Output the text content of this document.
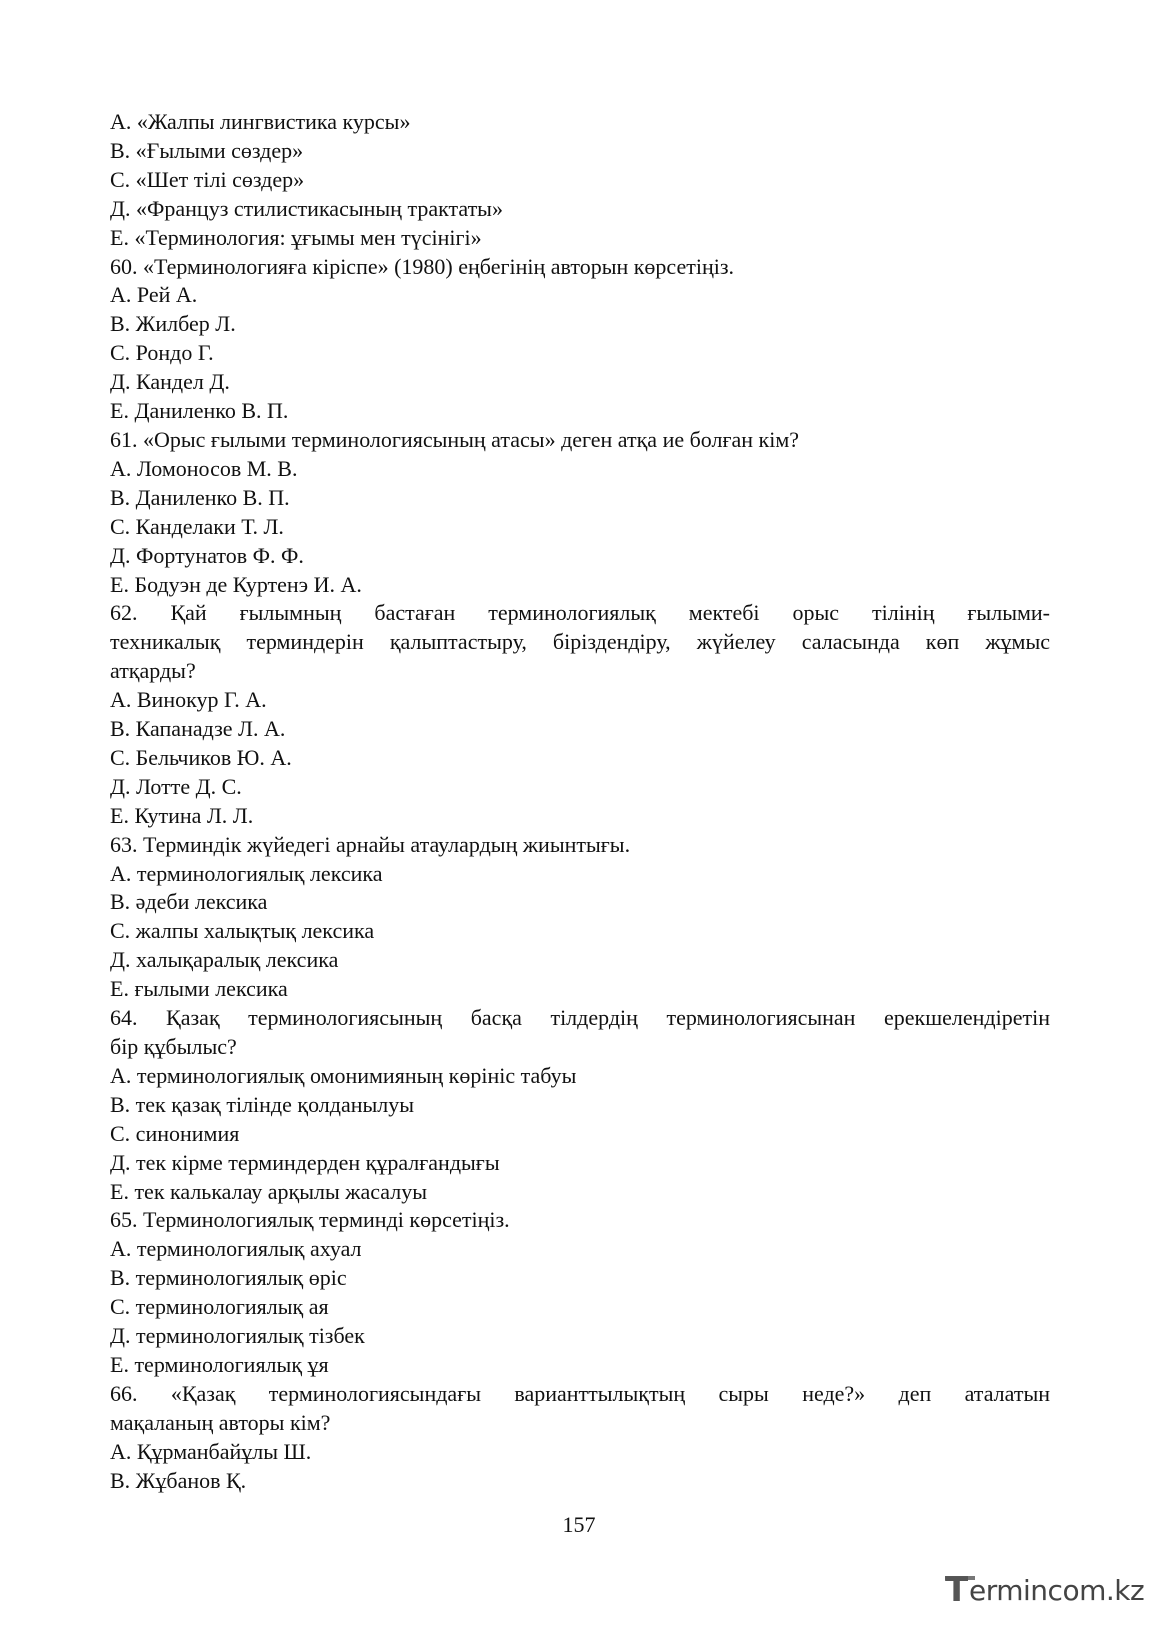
А. «Жалпы лингвистика курсы»
В. «Ғылыми сөздер»
С. «Шет тілі сөздер»
Д. «Француз стилистикасының трактаты»
Е. «Терминология: ұғымы мен түсінігі»
60. «Терминологияға кіріспе» (1980) еңбегінің авторын көрсетіңіз.
А. Рей А.
В. Жилбер Л.
С. Рондо Г.
Д. Кандел Д.
Е. Даниленко В. П.
61. «Орыс ғылыми терминологиясының атасы» деген атқа ие болған кім?
А. Ломоносов М. В.
В. Даниленко В. П.
С. Канделаки Т. Л.
Д. Фортунатов Ф. Ф.
Е. Бодуэн де Куртенэ И. А.
62. Қай ғылымның бастаған терминологиялық мектебі орыс тілінің ғылыми-
техникалық терминдерін қалыптастыру, біріздендіру, жүйелеу саласында көп жұмыс
атқарды?
А. Винокур Г. А.
В. Капанадзе Л. А.
С. Бельчиков Ю. А.
Д. Лотте Д. С.
Е. Кутина Л. Л.
63. Терминдік жүйедегі арнайы атаулардың жиынтығы.
А. терминологиялық лексика
В. әдеби лексика
С. жалпы халықтық лексика
Д. халықаралық лексика
Е. ғылыми лексика
64. Қазақ терминологиясының басқа тілдердің терминологиясынан ерекшелендіретін
бір құбылыс?
А. терминологиялық омонимияның көрініс табуы
В. тек қазақ тілінде қолданылуы
С. синонимия
Д. тек кірме терминдерден құралғандығы
Е. тек калькалау арқылы жасалуы
65. Терминологиялық терминді көрсетіңіз.
А. терминологиялық ахуал
В. терминологиялық өріс
С. терминологиялық ая
Д. терминологиялық тізбек
Е. терминологиялық ұя
66. «Қазақ терминологиясындағы варианттылықтың сыры неде?» деп аталатын
мақаланың авторы кім?
А. Құрманбайұлы Ш.
В. Жұбанов Қ.
157
T ermincom.kz
